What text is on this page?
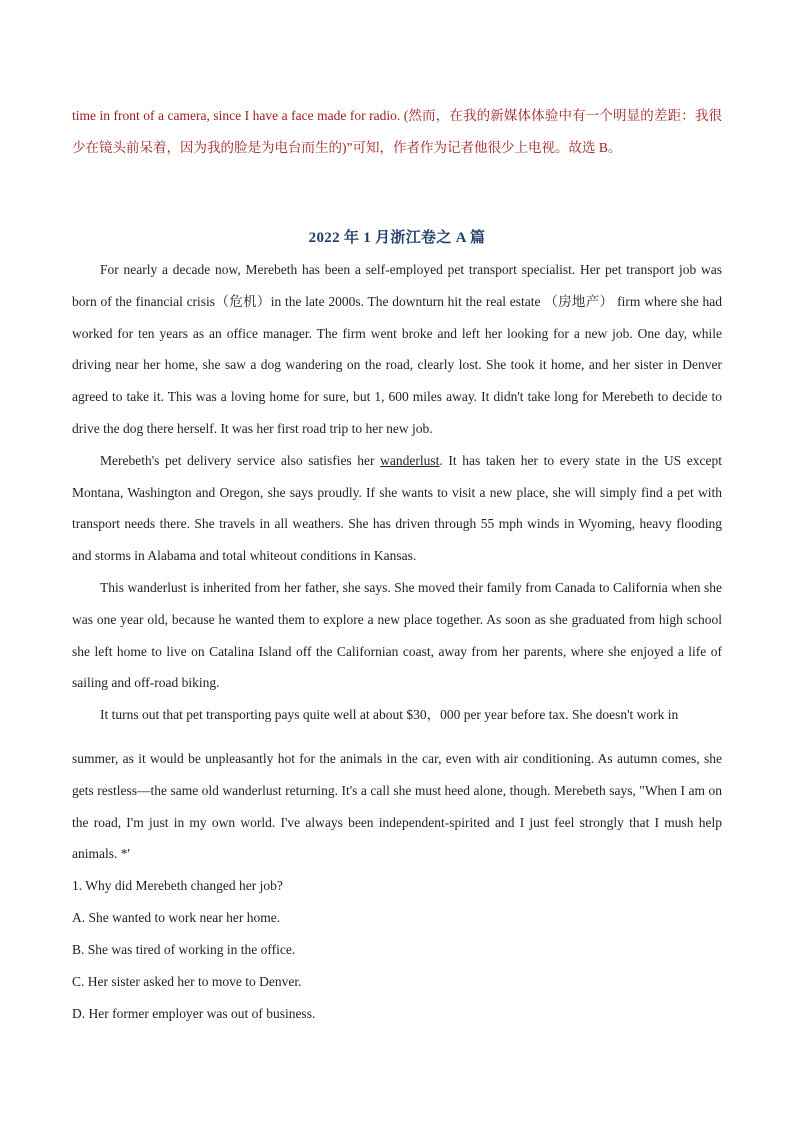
time in front of a camera, since I have a face made for radio. (然而，在我的新媒体体验中有一个明显的差距：我很少在镜头前呆着，因为我的脸是为电台而生的)”可知，作者作为记者他很少上电视。故选 B。
2022 年 1 月浙江卷之 A 篇

For nearly a decade now, Merebeth has been a self-employed pet transport specialist. Her pet transport job was born of the financial crisis（危机）in the late 2000s. The downturn hit the real estate （房地产） firm where she had worked for ten years as an office manager. The firm went broke and left her looking for a new job. One day, while driving near her home, she saw a dog wandering on the road, clearly lost. She took it home, and her sister in Denver agreed to take it. This was a loving home for sure, but 1, 600 miles away. It didn't take long for Merebeth to decide to drive the dog there herself. It was her first road trip to her new job.

Merebeth's pet delivery service also satisfies her wanderlust. It has taken her to every state in the US except Montana, Washington and Oregon, she says proudly. If she wants to visit a new place, she will simply find a pet with transport needs there. She travels in all weathers. She has driven through 55 mph winds in Wyoming, heavy flooding and storms in Alabama and total whiteout conditions in Kansas.

This wanderlust is inherited from her father, she says. She moved their family from Canada to California when she was one year old, because he wanted them to explore a new place together. As soon as she graduated from high school she left home to live on Catalina Island off the Californian coast, away from her parents, where she enjoyed a life of sailing and off-road biking.

It turns out that pet transporting pays quite well at about $30，000 per year before tax. She doesn't work in
summer, as it would be unpleasantly hot for the animals in the car, even with air conditioning. As autumn comes, she gets restless—the same old wanderlust returning. It's a call she must heed alone, though. Merebeth says, "When I am on the road, I'm just in my own world. I've always been independent-spirited and I just feel strongly that I mush help animals. *'

1. Why did Merebeth changed her job?
A. She wanted to work near her home.
B. She was tired of working in the office.
C. Her sister asked her to move to Denver.
D. Her former employer was out of business.
